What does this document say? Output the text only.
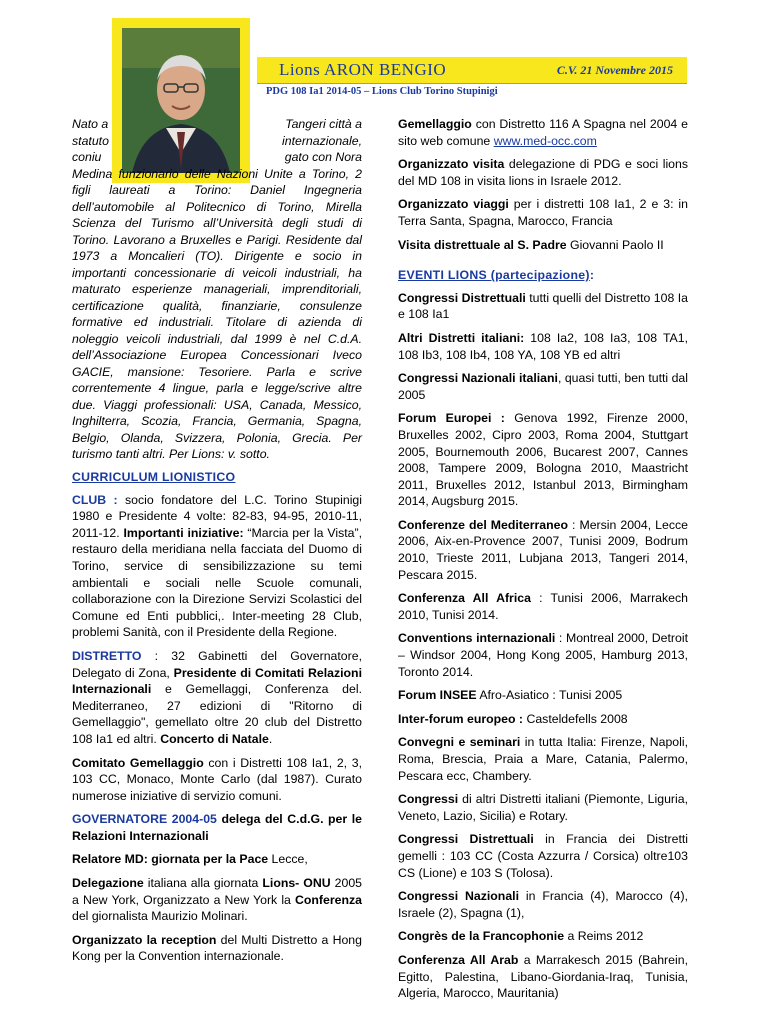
Lions ARON BENGIO	C.V. 21 Novembre 2015
PDG 108 Ia1 2014-05 – Lions Club Torino Stupinigi
Nato a	Tangeri città a
statuto	internazionale,
coniu	gato con Nora
Medina funzionario delle Nazioni Unite a Torino, 2 figli laureati a Torino: Daniel Ingegneria dell’automobile al Politecnico di Torino, Mirella Scienza del Turismo all’Università degli studi di Torino. Lavorano a Bruxelles e Parigi. Residente dal 1973 a Moncalieri (TO). Dirigente e socio in importanti concessionarie di veicoli industriali, ha maturato esperienze manageriali, imprenditoriali, certificazione qualità, finanziarie, consulenze formative ed industriali. Titolare di azienda di noleggio veicoli industriali, dal 1999 è nel C.d.A. dell’Associazione Europea Concessionari Iveco GACIE, mansione: Tesoriere. Parla e scrive correntemente 4 lingue, parla e legge/scrive altre due. Viaggi professionali: USA, Canada, Messico, Inghilterra, Scozia, Francia, Germania, Spagna, Belgio, Olanda, Svizzera, Polonia, Grecia. Per turismo tanti altri. Per Lions: v. sotto.
CURRICULUM LIONISTICO

CLUB : socio fondatore del L.C. Torino Stupinigi 1980 e Presidente 4 volte: 82-83, 94-95, 2010-11, 2011-12. Importanti iniziative: “Marcia per la Vista”, restauro della meridiana nella facciata del Duomo di Torino, service di sensibilizzazione su temi ambientali e sociali nelle Scuole comunali, collaborazione con la Direzione Servizi Scolastici del Comune ed Enti pubblici,. Inter-meeting 28 Club, problemi Sanità, con il Presidente della Regione.

DISTRETTO : 32 Gabinetti del Governatore, Delegato di Zona, Presidente di Comitati Relazioni Internazionali e Gemellaggi, Conferenza del. Mediterraneo, 27 edizioni di "Ritorno di Gemellaggio", gemellato oltre 20 club del Distretto 108 Ia1 ed altri. Concerto di Natale.

Comitato Gemellaggio con i Distretti 108 Ia1, 2, 3, 103 CC, Monaco, Monte Carlo (dal 1987). Curato numerose iniziative di servizio comuni.

GOVERNATORE 2004-05 delega del C.d.G. per le Relazioni Internazionali

Relatore MD: giornata per la Pace Lecce,

Delegazione italiana alla giornata Lions- ONU 2005 a New York, Organizzato a New York la Conferenza del giornalista Maurizio Molinari.

Organizzato la reception del Multi Distretto a Hong Kong per la Convention internazionale.

Gemellaggio con Distretto 116 A Spagna nel 2004 e sito web comune www.med-occ.com

Organizzato visita delegazione di PDG e soci lions del MD 108 in visita lions in Israele 2012.

Organizzato viaggi per i distretti 108 Ia1, 2 e 3: in Terra Santa, Spagna, Marocco, Francia

Visita distrettuale al S. Padre Giovanni Paolo II

EVENTI LIONS (partecipazione):

Congressi Distrettuali tutti quelli del Distretto 108 Ia e 108 Ia1

Altri Distretti italiani: 108 Ia2, 108 Ia3, 108 TA1, 108 Ib3, 108 Ib4, 108 YA, 108 YB ed altri

Congressi Nazionali italiani, quasi tutti, ben tutti dal 2005

Forum Europei : Genova 1992, Firenze 2000, Bruxelles 2002, Cipro 2003, Roma 2004, Stuttgart 2005, Bournemouth 2006, Bucarest 2007, Cannes 2008, Tampere 2009, Bologna 2010, Maastricht 2011, Bruxelles 2012, Istanbul 2013, Birmingham 2014, Augsburg 2015.

Conferenze del Mediterraneo : Mersin 2004, Lecce 2006, Aix-en-Provence 2007, Tunisi 2009, Bodrum 2010, Trieste 2011, Lubjana 2013, Tangeri 2014, Pescara 2015.

Conferenza All Africa : Tunisi 2006, Marrakech 2010, Tunisi 2014.

Conventions internazionali : Montreal 2000, Detroit – Windsor 2004, Hong Kong 2005, Hamburg 2013, Toronto 2014.

Forum INSEE Afro-Asiatico : Tunisi 2005

Inter-forum europeo : Casteldefells 2008

Convegni e seminari in tutta Italia: Firenze, Napoli, Roma, Brescia, Praia a Mare, Catania, Palermo, Pescara ecc, Chambery.

Congressi di altri Distretti italiani (Piemonte, Liguria, Veneto, Lazio, Sicilia) e Rotary.

Congressi Distrettuali in Francia dei Distretti gemelli : 103 CC (Costa Azzurra / Corsica) oltre103 CS (Lione) e 103 S (Tolosa).

Congressi Nazionali in Francia (4), Marocco (4), Israele (2), Spagna (1),

Congrès de la Francophonie a Reims 2012

Conferenza All Arab a Marrakesch 2015 (Bahrein, Egitto, Palestina, Libano-Giordania-Iraq, Tunisia, Algeria, Marocco, Mauritania)
